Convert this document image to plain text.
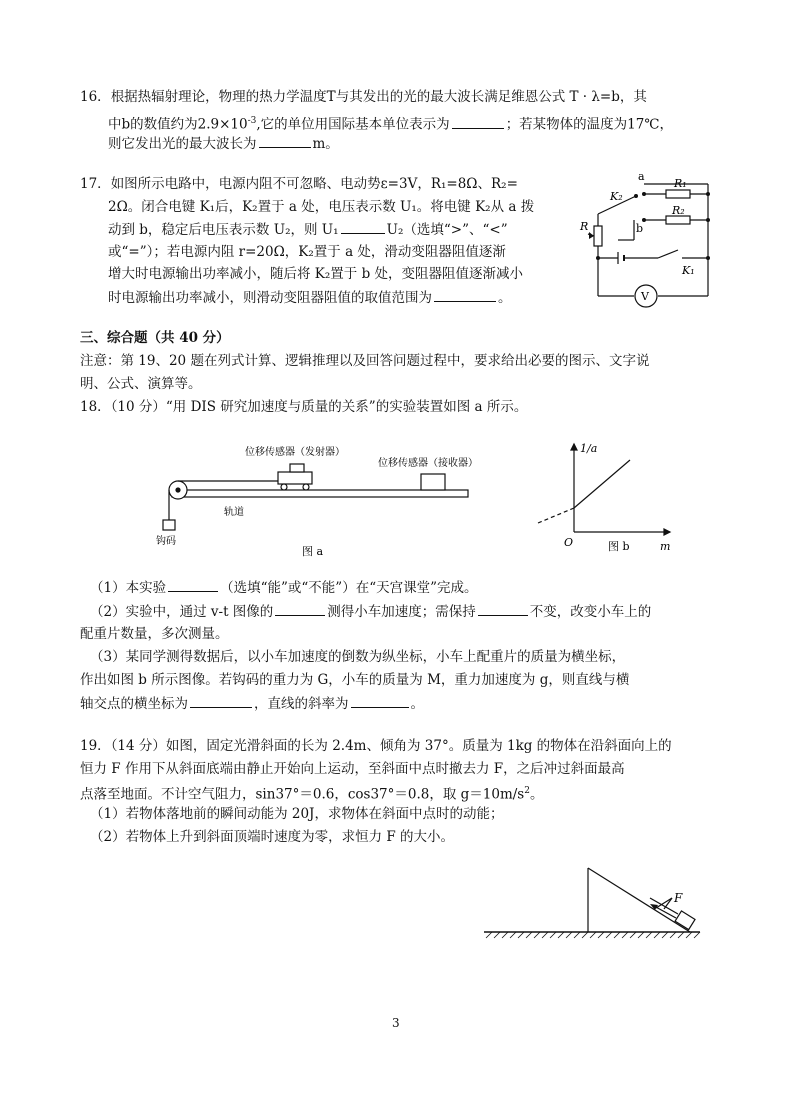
16．根据热辐射理论，物理的热力学温度T与其发出的光的最大波长满足维恩公式 T · λ=b，其
中b的数值约为$2.9\times 10^{-3}$,它的单位用国际基本单位表示为	；若某物体的温度为17℃，
则它发出光的最大波长为	m。
17．如图所示电路中，电源内阻不可忽略、电动势ε=3V，R₁=8Ω、R₂=
2Ω。闭合电键 K₁后，K₂置于 a 处，电压表示数 U₁。将电键 K₂从 a 拨
动到 b，稳定后电压表示数 U₂，则 U₁	U₂（选填“>”、“<”
或“=”）；若电源内阻 r=20Ω，K₂置于 a 处，滑动变阻器阻值逐渐
增大时电源输出功率减小，随后将 K₂置于 b 处，变阻器阻值逐渐减小
时电源输出功率减小，则滑动变阻器阻值的取值范围为	。
a
b
K₂
R₁
R₂
R
K₁
V
三、综合题（共 40 分）
注意：第 19、20 题在列式计算、逻辑推理以及回答问题过程中，要求给出必要的图示、文字说
明、公式、演算等。
18．（10 分）“用 DIS 研究加速度与质量的关系”的实验装置如图 a 所示。
位移传感器（发射器）
位移传感器（接收器）
轨道
钩码
图 a
1/a
m
O	图 b
（1）本实验	（选填“能”或“不能”）在“天宫课堂”完成。
（2）实验中，通过 v-t 图像的	测得小车加速度；需保持	不变，改变小车上的
配重片数量，多次测量。
（3）某同学测得数据后，以小车加速度的倒数为纵坐标，小车上配重片的质量为横坐标，
作出如图 b 所示图像。若钩码的重力为 G，小车的质量为 M，重力加速度为 g，则直线与横
轴交点的横坐标为	，直线的斜率为	。
19．（14 分）如图，固定光滑斜面的长为 2.4m、倾角为 37°。质量为 1kg 的物体在沿斜面向上的
恒力 F 作用下从斜面底端由静止开始向上运动，至斜面中点时撤去力 F，之后冲过斜面最高
点落至地面。不计空气阻力，sin37°＝0.6，cos37°＝0.8，取 $g=10m/s^2$。
（1）若物体落地前的瞬间动能为 20J，求物体在斜面中点时的动能；
（2）若物体上升到斜面顶端时速度为零，求恒力 F 的大小。
F
3
